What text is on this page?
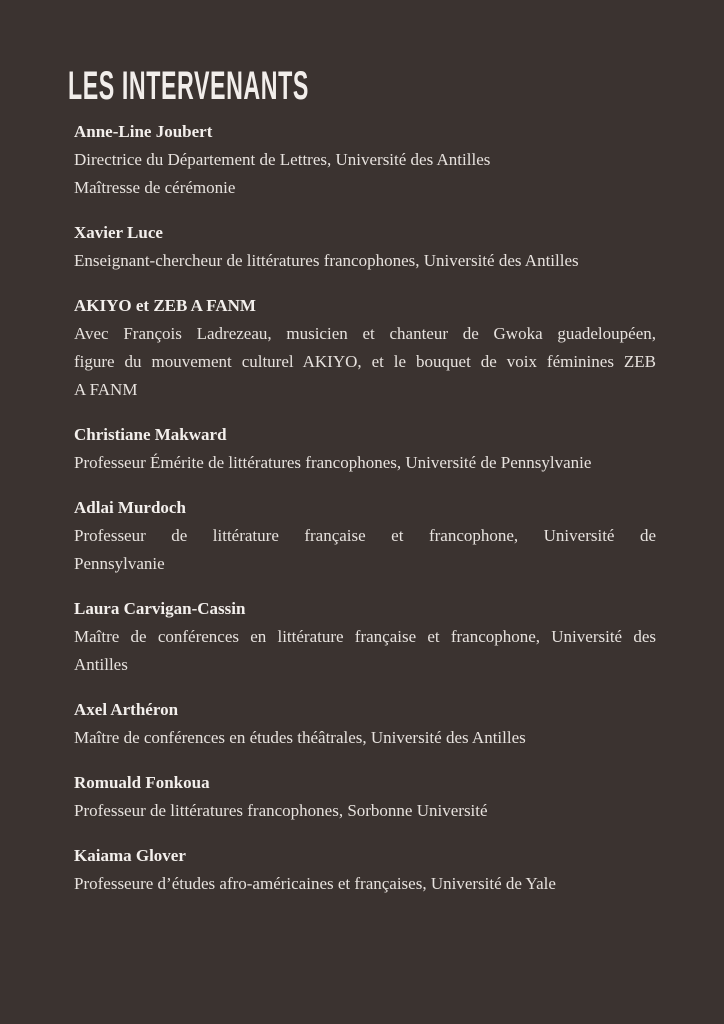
LES INTERVENANTS
Anne-Line Joubert
Directrice du Département de Lettres, Université des Antilles
Maîtresse de cérémonie
Xavier Luce
Enseignant-chercheur de littératures francophones, Université des Antilles
AKIYO et ZEB A FANM
Avec François Ladrezeau, musicien et chanteur de Gwoka guadeloupéen,
figure du mouvement culturel AKIYO, et le bouquet de voix féminines ZEB
A FANM
Christiane Makward
Professeur Émérite de littératures francophones, Université de Pennsylvanie
Adlai Murdoch
Professeur de littérature française et francophone, Université de
Pennsylvanie
Laura Carvigan-Cassin
Maître de conférences en littérature française et francophone, Université des
Antilles
Axel Arthéron
Maître de conférences en études théâtrales, Université des Antilles
Romuald Fonkoua
Professeur de littératures francophones, Sorbonne Université
Kaiama Glover
Professeure d’études afro-américaines et françaises, Université de Yale
